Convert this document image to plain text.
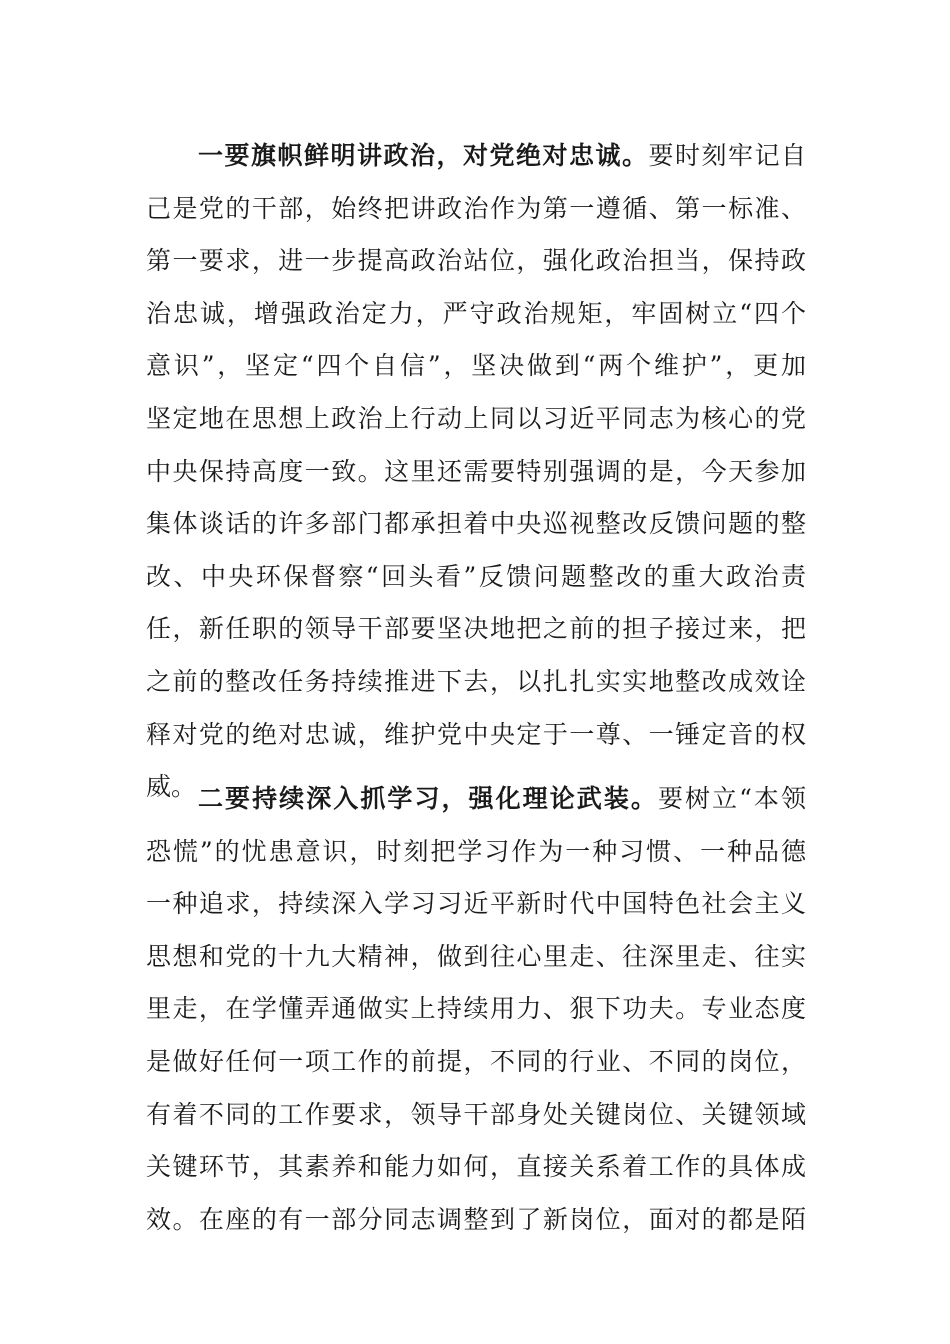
一要旗帜鲜明讲政治，对党绝对忠诚。要时刻牢记自
己是党的干部，始终把讲政治作为第一遵循、第一标准、
第一要求，进一步提高政治站位，强化政治担当，保持政
治忠诚，增强政治定力，严守政治规矩，牢固树立“四个
意识”，坚定“四个自信”，坚决做到“两个维护”，更加
坚定地在思想上政治上行动上同以习近平同志为核心的党
中央保持高度一致。这里还需要特别强调的是，今天参加
集体谈话的许多部门都承担着中央巡视整改反馈问题的整
改、中央环保督察“回头看”反馈问题整改的重大政治责
任，新任职的领导干部要坚决地把之前的担子接过来，把
之前的整改任务持续推进下去，以扎扎实实地整改成效诠
释对党的绝对忠诚，维护党中央定于一尊、一锤定音的权
威。 二要持续深入抓学习，强化理论武装。要树立“本领
恐慌”的忧患意识，时刻把学习作为一种习惯、一种品德
一种追求，持续深入学习习近平新时代中国特色社会主义
思想和党的十九大精神，做到往心里走、往深里走、往实
里走，在学懂弄通做实上持续用力、狠下功夫。专业态度
是做好任何一项工作的前提，不同的行业、不同的岗位，
有着不同的工作要求，领导干部身处关键岗位、关键领域
关键环节，其素养和能力如何，直接关系着工作的具体成
效。在座的有一部分同志调整到了新岗位，面对的都是陌
